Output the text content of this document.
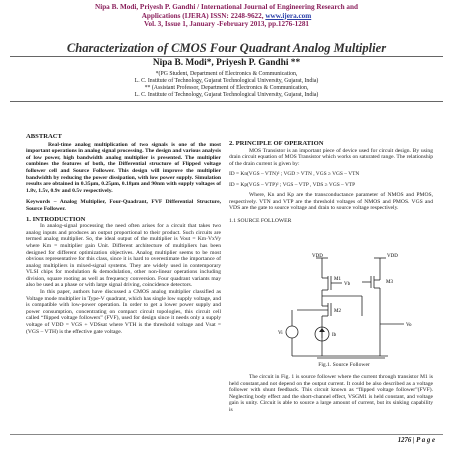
Nipa B. Modi, Priyesh P. Gandhi / International Journal of Engineering Research and
Applications (IJERA) ISSN: 2248-9622, www.ijera.com
Vol. 3, Issue 1, January -February 2013, pp.1276-1281
Characterization of CMOS Four Quadrant Analog Multiplier
Nipa B. Modi*, Priyesh P. Gandhi **
*(PG Student, Department of Electronics & Communication,
L. C. Institute of Technology, Gujarat Technological University, Gujarat, India)
** (Assistant Professor, Department of Electronics & Communication,
L. C. Institute of Technology, Gujarat Technological University, Gujarat, India)

ABSTRACT

Real-time analog multiplication of two signals is one of the most important operations in analog signal processing. The design and various analysis of low power, high bandwidth analog multiplier is presented. The multiplier combines the features of both, the Differential structure of Flipped voltage follower cell and Source Follower. This design will improve the multiplier bandwidth by reducing the power dissipation, with low power supply. Simulation results are obtained in 0.35μm, 0.25μm, 0.18μm and 90nm with supply voltages of 1.8v, 1.5v, 0.9v and 0.5v respectively.

Keywords – Analog Multiplier, Four-Quadrant, FVF Differential Structure, Source Follower.

1. INTRODUCTION

In analog-signal processing the need often arises for a circuit that takes two analog inputs and produces an output proportional to their product. Such circuits are termed analog multiplier. So, the ideal output of the multiplier is Vout = Km·VxVy where Km = multiplier gain Unit. Different architecture of multipliers has been designed for different optimization objectives. Analog multiplier seems to be most obvious representative for this class, since it is hard to overestimate the importance of analog multipliers in mixed-signal systems. They are widely used in contemporary VLSI chips for modulation & demodulation, other non-linear operations including division, square rooting as well as frequency conversion. Four quadrant variants may also be used as a phase or with large signal driving, coincidence detectors.

In this paper, authors have discussed a CMOS analog multiplier classified as Voltage mode multiplier in Type-V quadrant, which has single low supply voltage, and is compatible with low-power operation. In order to get a lower power supply and power consumption, concentrating on compact circuit topologies, this circuit cell called “flipped voltage followers” (FVF), used for design since it needs only a supply voltage of VDD = VGS + VDSsat where VTH is the threshold voltage and Vsat = (VGS – VTH) is the effective gate voltage.

2. PRINCIPLE OF OPERATION

MOS Transistor is an important piece of device used for circuit design. By using drain circuit equation of MOS Transistor which works on saturated range. The relationship of the drain current is given by:

ID = Kn(VGS – VTN)² ; VGD > VTN , VGS ≥ VGS – VTN

ID = Kp(VGS – VTP)² ; VGS – VTP , VDS ≥ VGS – VTP

Where, Kn and Kp are the transconductance parameter of NMOS and PMOS, respectively. VTN and VTP are the threshold voltages of NMOS and PMOS. VGS and VDS are the gate to source voltage and drain to source voltage respectively.

1.1 SOURCE FOLLOWER

VDD	VDD
M1
M2
M3
Vi
Vo
Vb
Ib
Fig.1. Source Follower

The circuit in Fig. 1 is source follower where the current through transistor M1 is held constant,and not depend on the output current. It could be also described as a voltage follower with shunt feedback. This circuit known as “flipped voltage follower”(FVF). Neglecting body effect and the short-channel effect, VSGM1 is held constant, and voltage gain is unity. Circuit is able to source a large amount of current, but its sinking capability is

1276 | P a g e
